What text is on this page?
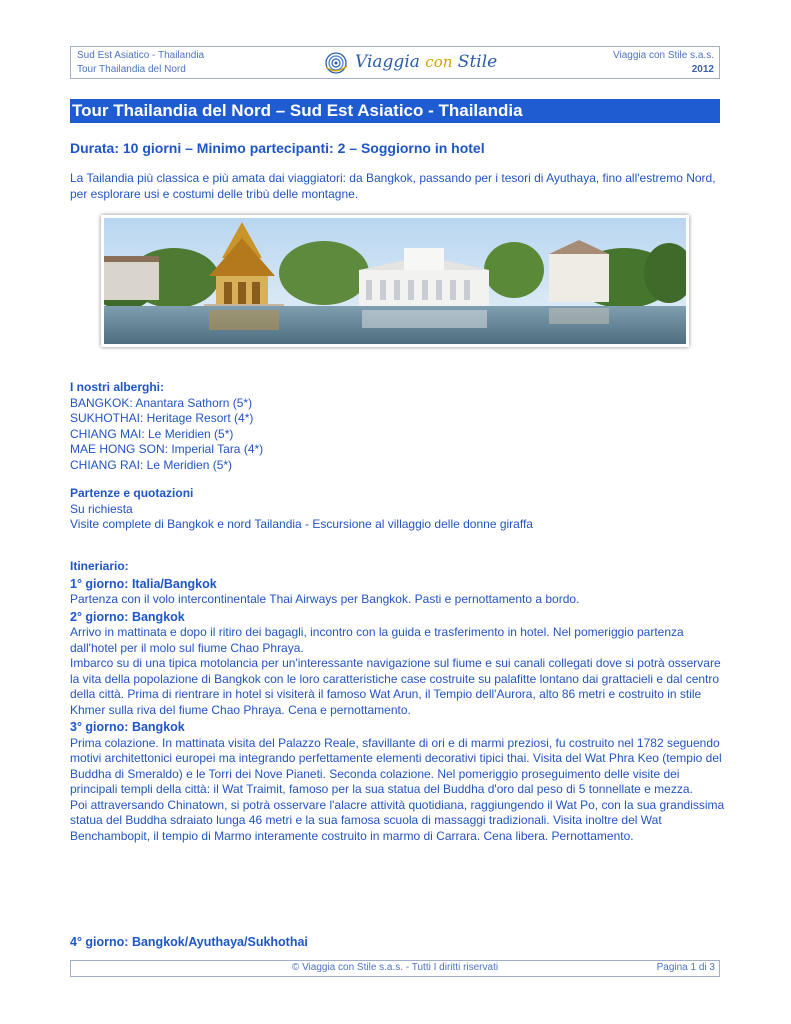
Sud Est Asiatico - Thailandia
Tour Thailandia del Nord	Viaggia con Stile	Viaggia con Stile s.a.s.
2012
Tour Thailandia del Nord – Sud Est Asiatico - Thailandia
Durata: 10 giorni – Minimo partecipanti: 2 – Soggiorno in hotel
La Tailandia più classica e più amata dai viaggiatori: da Bangkok, passando per i tesori di Ayuthaya, fino all'estremo Nord, per esplorare usi e costumi delle tribù delle montagne.
I nostri alberghi:
BANGKOK: Anantara Sathorn (5*)
SUKHOTHAI: Heritage Resort (4*)
CHIANG MAI: Le Meridien (5*)
MAE HONG SON: Imperial Tara (4*)
CHIANG RAI: Le Meridien (5*)
Partenze e quotazioni
Su richiesta
Visite complete di Bangkok e nord Tailandia - Escursione al villaggio delle donne giraffa
Itineriario:
1° giorno: Italia/Bangkok
Partenza con il volo intercontinentale Thai Airways per Bangkok. Pasti e pernottamento a bordo.
2° giorno: Bangkok
Arrivo in mattinata e dopo il ritiro dei bagagli, incontro con la guida e trasferimento in hotel. Nel pomeriggio partenza dall'hotel per il molo sul fiume Chao Phraya.
Imbarco su di una tipica motolancia per un'interessante navigazione sul fiume e sui canali collegati dove si potrà osservare la vita della popolazione di Bangkok con le loro caratteristiche case costruite su palafitte lontano dai grattacieli e dal centro della città. Prima di rientrare in hotel si visiterà il famoso Wat Arun, il Tempio dell'Aurora, alto 86 metri e costruito in stile Khmer sulla riva del fiume Chao Phraya. Cena e pernottamento.
3° giorno: Bangkok
Prima colazione. In mattinata visita del Palazzo Reale, sfavillante di ori e di marmi preziosi, fu costruito nel 1782 seguendo motivi architettonici europei ma integrando perfettamente elementi decorativi tipici thai. Visita del Wat Phra Keo (tempio del Buddha di Smeraldo) e le Torri dei Nove Pianeti. Seconda colazione. Nel pomeriggio proseguimento delle visite dei principali templi della città: il Wat Traimit, famoso per la sua statua del Buddha d'oro dal peso di 5 tonnellate e mezza.
Poi attraversando Chinatown, si potrà osservare l'alacre attività quotidiana, raggiungendo il Wat Po, con la sua grandissima statua del Buddha sdraiato lunga 46 metri e la sua famosa scuola di massaggi tradizionali. Visita inoltre del Wat Benchambopit, il tempio di Marmo interamente costruito in marmo di Carrara. Cena libera. Pernottamento.
4° giorno: Bangkok/Ayuthaya/Sukhothai
© Viaggia con Stile s.a.s. - Tutti I diritti riservati	Pagina 1 di 3
